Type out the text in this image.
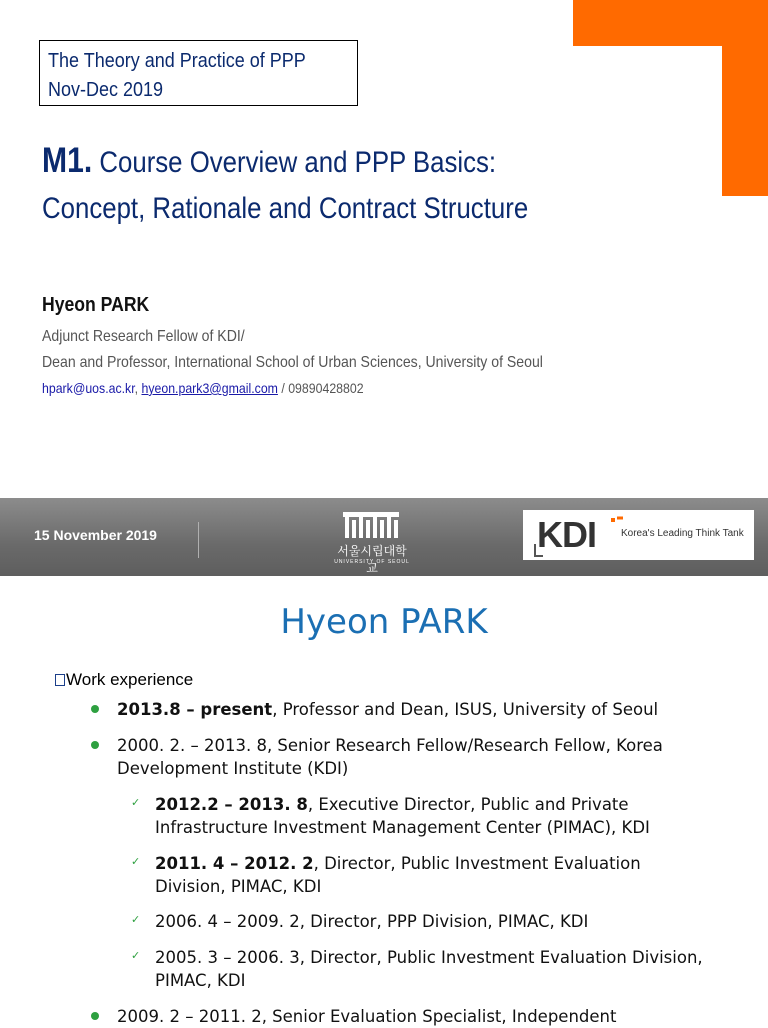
The Theory and Practice of PPP
Nov-Dec 2019
M1. Course Overview and PPP Basics:
Concept, Rationale and Contract Structure
Hyeon PARK
Adjunct Research Fellow of KDI/
Dean and Professor, International School of Urban Sciences, University of Seoul
hpark@uos.ac.kr, hyeon.park3@gmail.com / 09890428802
15 November 2019
서울시립대학교
UNIVERSITY OF SEOUL
KDI	Korea's Leading Think Tank
Hyeon PARK
Work experience
2013.8 – present, Professor and Dean, ISUS, University of Seoul
2000. 2. – 2013. 8, Senior Research Fellow/Research Fellow, Korea Development Institute (KDI)
✓ 2012.2 – 2013. 8, Executive Director, Public and Private Infrastructure Investment Management Center (PIMAC), KDI
✓ 2011. 4 – 2012. 2, Director, Public Investment Evaluation Division, PIMAC, KDI
✓ 2006. 4 – 2009. 2, Director, PPP Division, PIMAC, KDI
✓ 2005. 3 – 2006. 3, Director, Public Investment Evaluation Division, PIMAC, KDI
2009. 2 – 2011. 2, Senior Evaluation Specialist, Independent
